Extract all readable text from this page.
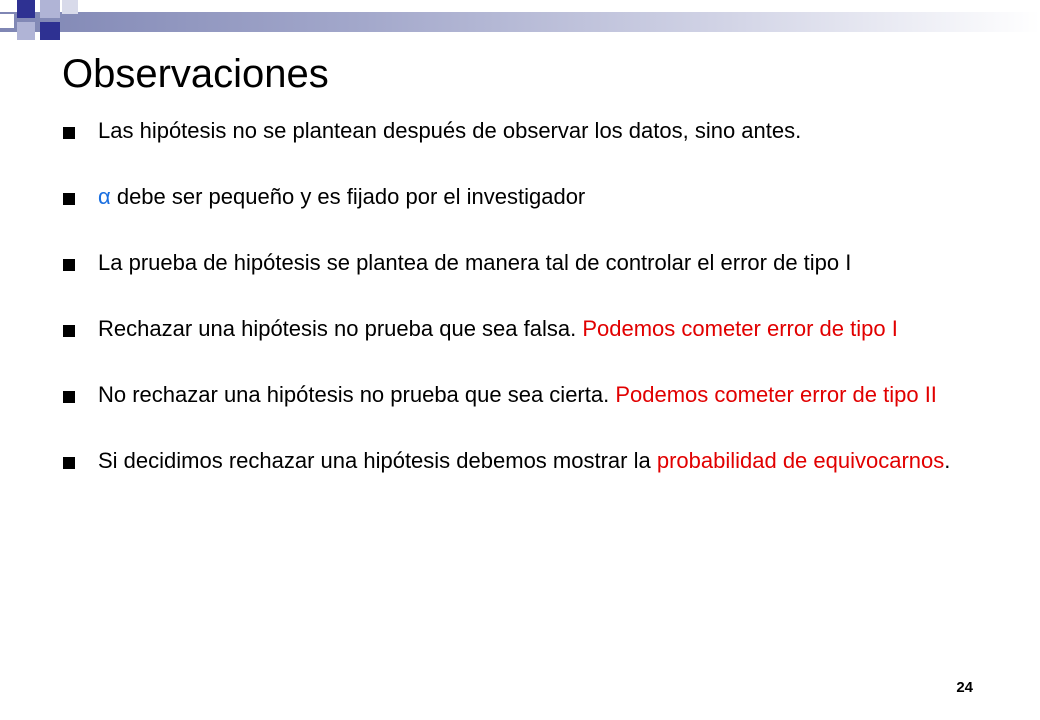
Observaciones
Las hipótesis no se plantean después de observar los datos, sino antes.
α debe ser pequeño y es fijado por el investigador
La prueba de hipótesis se plantea de manera tal de controlar el error de tipo I
Rechazar una hipótesis no prueba que sea falsa. Podemos cometer error de tipo I
No rechazar una hipótesis no prueba que sea cierta. Podemos cometer error de tipo II
Si decidimos rechazar una hipótesis debemos mostrar la probabilidad de equivocarnos.
24
